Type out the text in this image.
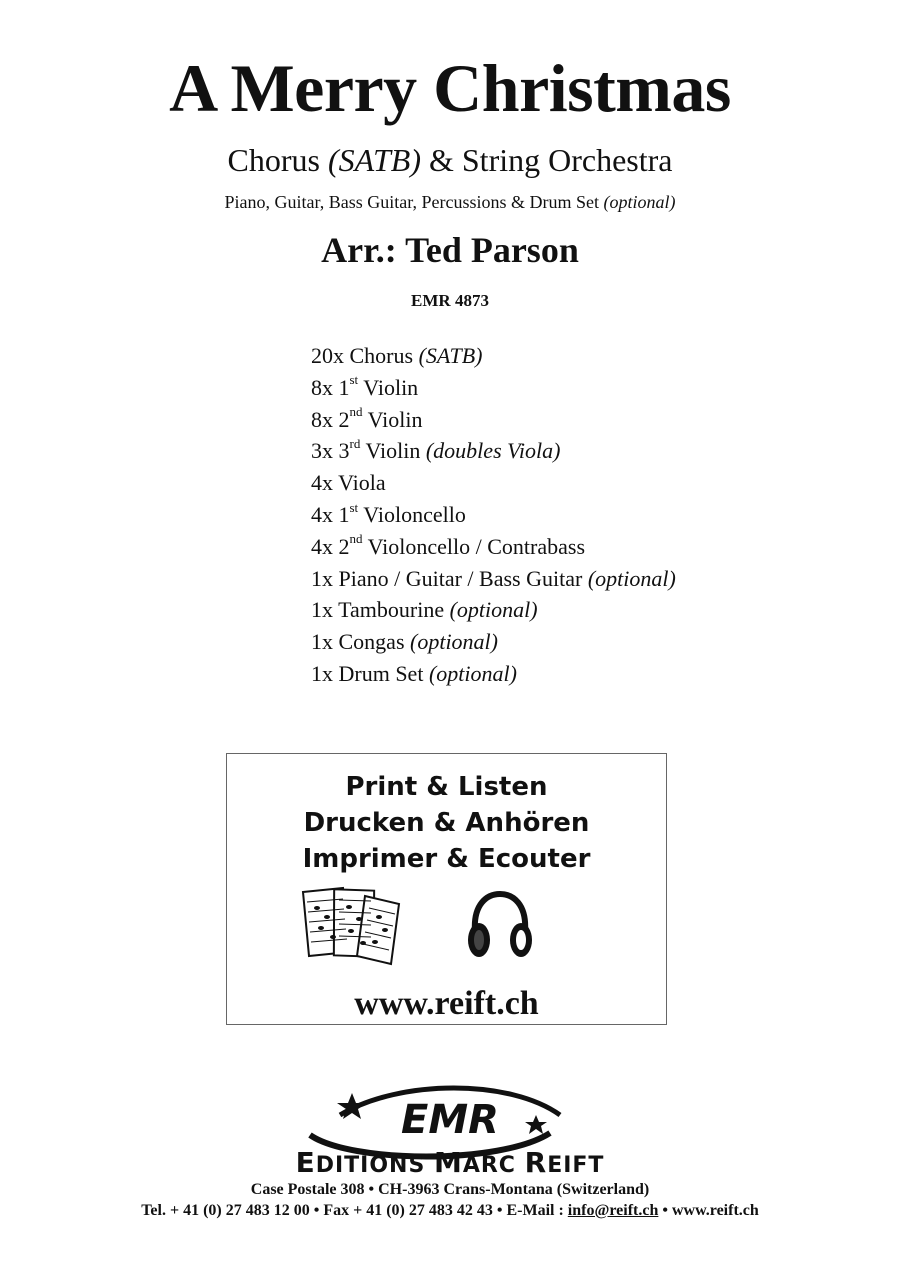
A Merry Christmas
Chorus (SATB) & String Orchestra
Piano, Guitar, Bass Guitar, Percussions & Drum Set (optional)
Arr.: Ted Parson
EMR 4873
20x Chorus (SATB)
8x 1st Violin
8x 2nd Violin
3x 3rd Violin (doubles Viola)
4x Viola
4x 1st Violoncello
4x 2nd Violoncello / Contrabass
1x Piano / Guitar / Bass Guitar (optional)
1x Tambourine (optional)
1x Congas (optional)
1x Drum Set (optional)
Print & Listen
Drucken & Anhören
Imprimer & Ecouter
www.reift.ch
EMR
EDITIONS MARC REIFT
Case Postale 308 • CH-3963 Crans-Montana (Switzerland)
Tel. + 41 (0) 27 483 12 00 • Fax + 41 (0) 27 483 42 43 • E-Mail : info@reift.ch • www.reift.ch
